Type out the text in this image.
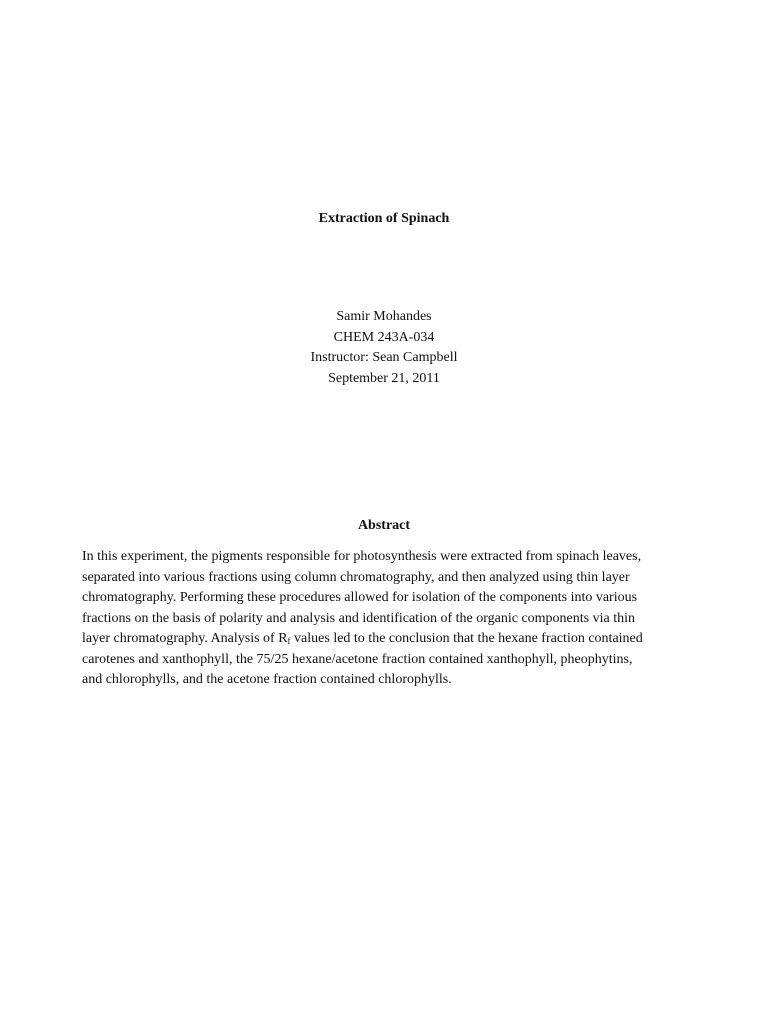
Extraction of Spinach
Samir Mohandes
CHEM 243A-034
Instructor: Sean Campbell
September 21, 2011
Abstract
In this experiment, the pigments responsible for photosynthesis were extracted from spinach leaves,
separated into various fractions using column chromatography, and then analyzed using thin layer
chromatography. Performing these procedures allowed for isolation of the components into various
fractions on the basis of polarity and analysis and identification of the organic components via thin
layer chromatography. Analysis of $R_f$ values led to the conclusion that the hexane fraction contained
carotenes and xanthophyll, the 75/25 hexane/acetone fraction contained xanthophyll, pheophytins,
and chlorophylls, and the acetone fraction contained chlorophylls.
